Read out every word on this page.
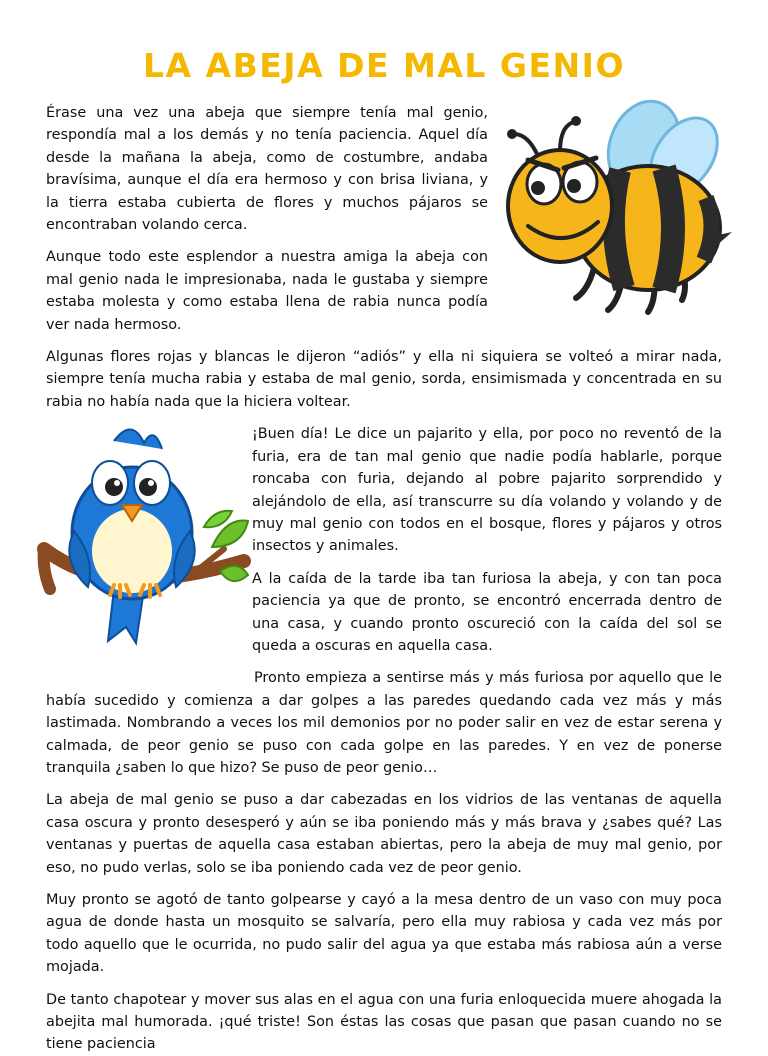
LA ABEJA DE MAL GENIO

Érase una vez una abeja que siempre tenía mal genio, respondía mal a los demás y no tenía paciencia. Aquel día desde la mañana la abeja, como de costumbre, andaba bravísima, aunque el día era hermoso y con brisa liviana, y la tierra estaba cubierta de flores y muchos pájaros se encontraban volando cerca.

Aunque todo este esplendor a nuestra amiga la abeja con mal genio nada le impresionaba, nada le gustaba y siempre estaba molesta y como estaba llena de rabia nunca podía ver nada hermoso.

Algunas flores rojas y blancas le dijeron “adiós” y ella ni siquiera se volteó a mirar nada, siempre tenía mucha rabia y estaba de mal genio, sorda, ensimismada y concentrada en su rabia no había nada que la hiciera voltear.

¡Buen día! Le dice un pajarito y ella, por poco no reventó de la furia, era de tan mal genio que nadie podía hablarle, porque roncaba con furia, dejando al pobre pajarito sorprendido y alejándolo de ella, así transcurre su día volando y volando y de muy mal genio con todos en el bosque, flores y pájaros y otros insectos y animales.

A la caída de la tarde iba tan furiosa la abeja, y con tan poca paciencia ya que de pronto, se encontró encerrada dentro de una casa, y cuando pronto oscureció con la caída del sol se queda a oscuras en aquella casa.

Pronto empieza a sentirse más y más furiosa por aquello que le había sucedido y comienza a dar golpes a las paredes quedando cada vez más y más lastimada. Nombrando a veces los mil demonios por no poder salir en vez de estar serena y calmada, de peor genio se puso con cada golpe en las paredes. Y en vez de ponerse tranquila ¿saben lo que hizo? Se puso de peor genio…

La abeja de mal genio se puso a dar cabezadas en los vidrios de las ventanas de aquella casa oscura y pronto desesperó y aún se iba poniendo más y más brava y ¿sabes qué? Las ventanas y puertas de aquella casa estaban abiertas, pero la abeja de muy mal genio, por eso, no pudo verlas, solo se iba poniendo cada vez de peor genio.

Muy pronto se agotó de tanto golpearse y cayó a la mesa dentro de un vaso con muy poca agua de donde hasta un mosquito se salvaría, pero ella muy rabiosa y cada vez más por todo aquello que le ocurrida, no pudo salir del agua ya que estaba más rabiosa aún a verse mojada.

De tanto chapotear y mover sus alas en el agua con una furia enloquecida muere ahogada la abejita mal humorada. ¡qué triste! Son éstas las cosas que pasan que pasan cuando no se tiene paciencia
